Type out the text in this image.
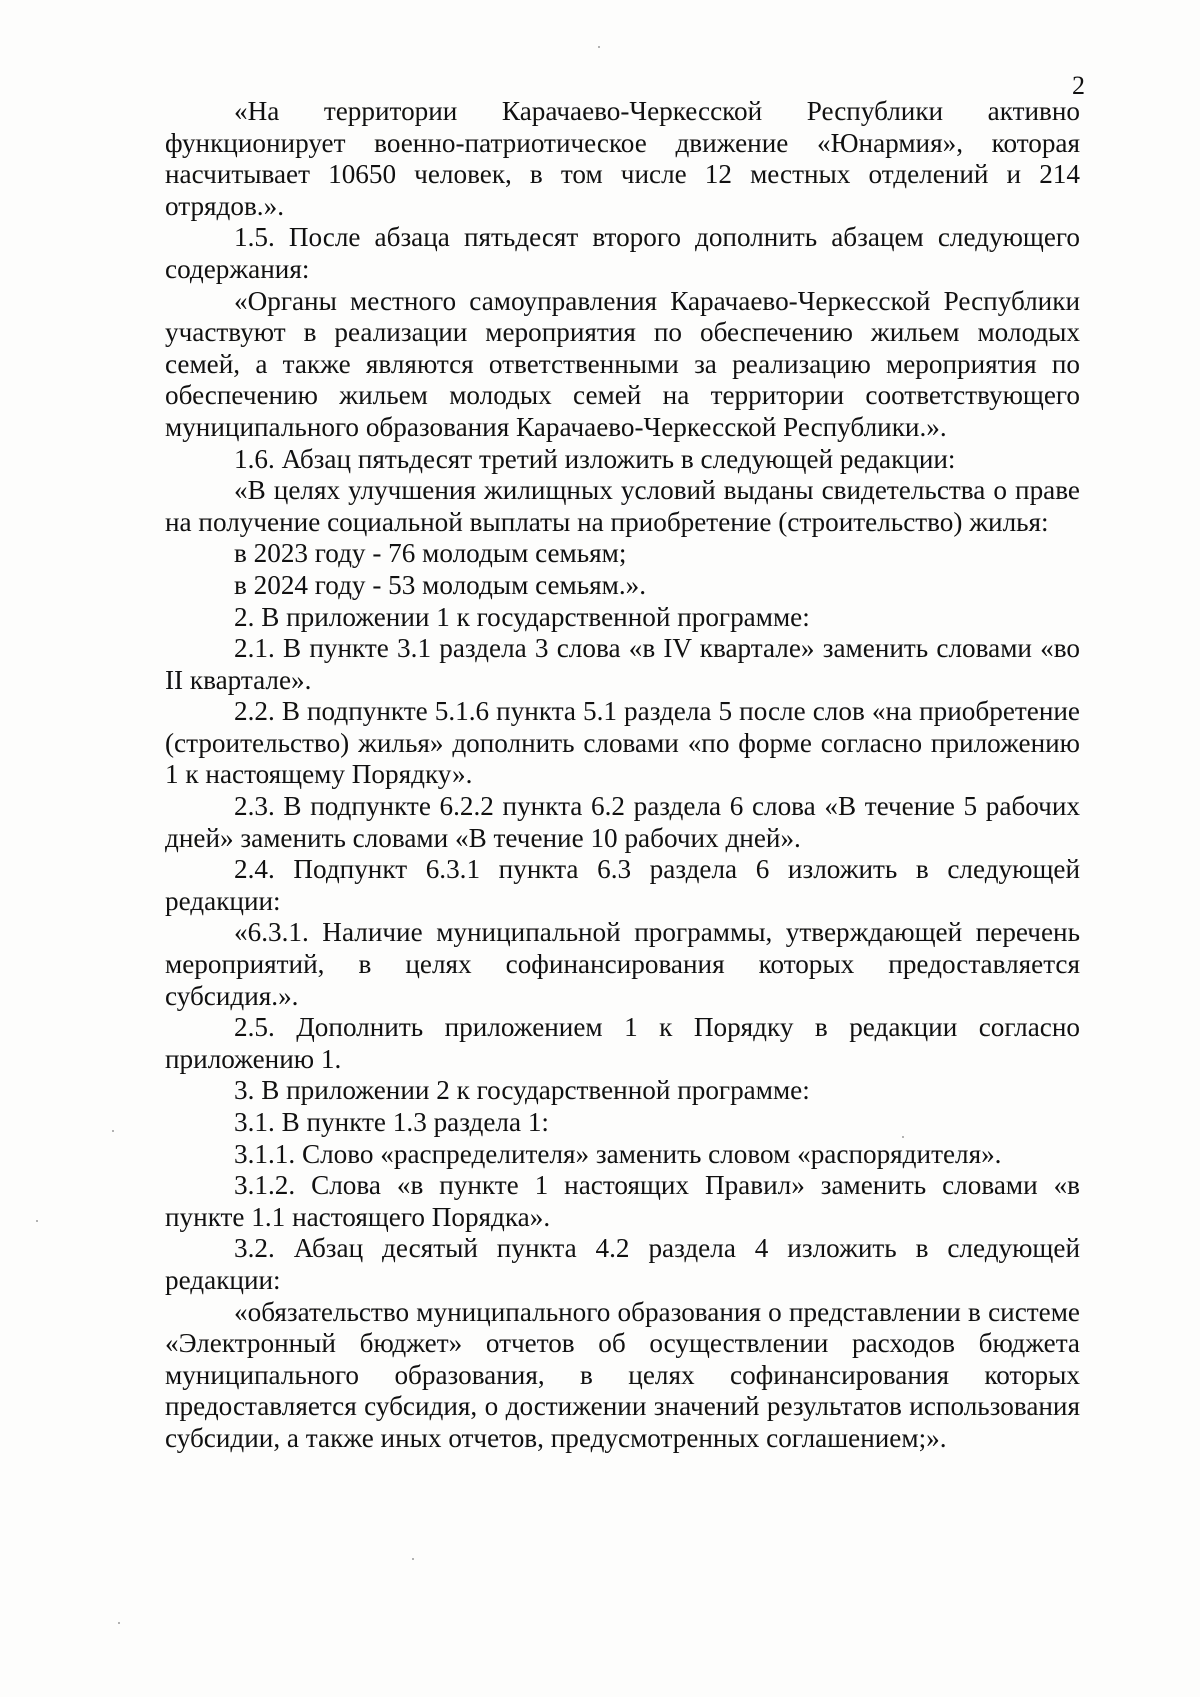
2

«На территории Карачаево-Черкесской Республики активно функционирует военно-патриотическое движение «Юнармия», которая насчитывает 10650 человек, в том числе 12 местных отделений и 214 отрядов.».

1.5. После абзаца пятьдесят второго дополнить абзацем следующего содержания:

«Органы местного самоуправления Карачаево-Черкесской Республики участвуют в реализации мероприятия по обеспечению жильем молодых семей, а также являются ответственными за реализацию мероприятия по обеспечению жильем молодых семей на территории соответствующего муниципального образования Карачаево-Черкесской Республики.».

1.6. Абзац пятьдесят третий изложить в следующей редакции:

«В целях улучшения жилищных условий выданы свидетельства о праве на получение социальной выплаты на приобретение (строительство) жилья:

в 2023 году - 76 молодым семьям;

в 2024 году - 53 молодым семьям.».

2. В приложении 1 к государственной программе:

2.1. В пункте 3.1 раздела 3 слова «в IV квартале» заменить словами «во II квартале».

2.2. В подпункте 5.1.6 пункта 5.1 раздела 5 после слов «на приобретение (строительство) жилья» дополнить словами «по форме согласно приложению 1 к настоящему Порядку».

2.3. В подпункте 6.2.2 пункта 6.2 раздела 6 слова «В течение 5 рабочих дней» заменить словами «В течение 10 рабочих дней».

2.4. Подпункт 6.3.1 пункта 6.3 раздела 6 изложить в следующей редакции:

«6.3.1. Наличие муниципальной программы, утверждающей перечень мероприятий, в целях софинансирования которых предоставляется субсидия.».

2.5. Дополнить приложением 1 к Порядку в редакции согласно приложению 1.

3. В приложении 2 к государственной программе:

3.1. В пункте 1.3 раздела 1:

3.1.1. Слово «распределителя» заменить словом «распорядителя».

3.1.2. Слова «в пункте 1 настоящих Правил» заменить словами «в пункте 1.1 настоящего Порядка».

3.2. Абзац десятый пункта 4.2 раздела 4 изложить в следующей редакции:

«обязательство муниципального образования о представлении в системе «Электронный бюджет» отчетов об осуществлении расходов бюджета муниципального образования, в целях софинансирования которых предоставляется субсидия, о достижении значений результатов использования субсидии, а также иных отчетов, предусмотренных соглашением;».
